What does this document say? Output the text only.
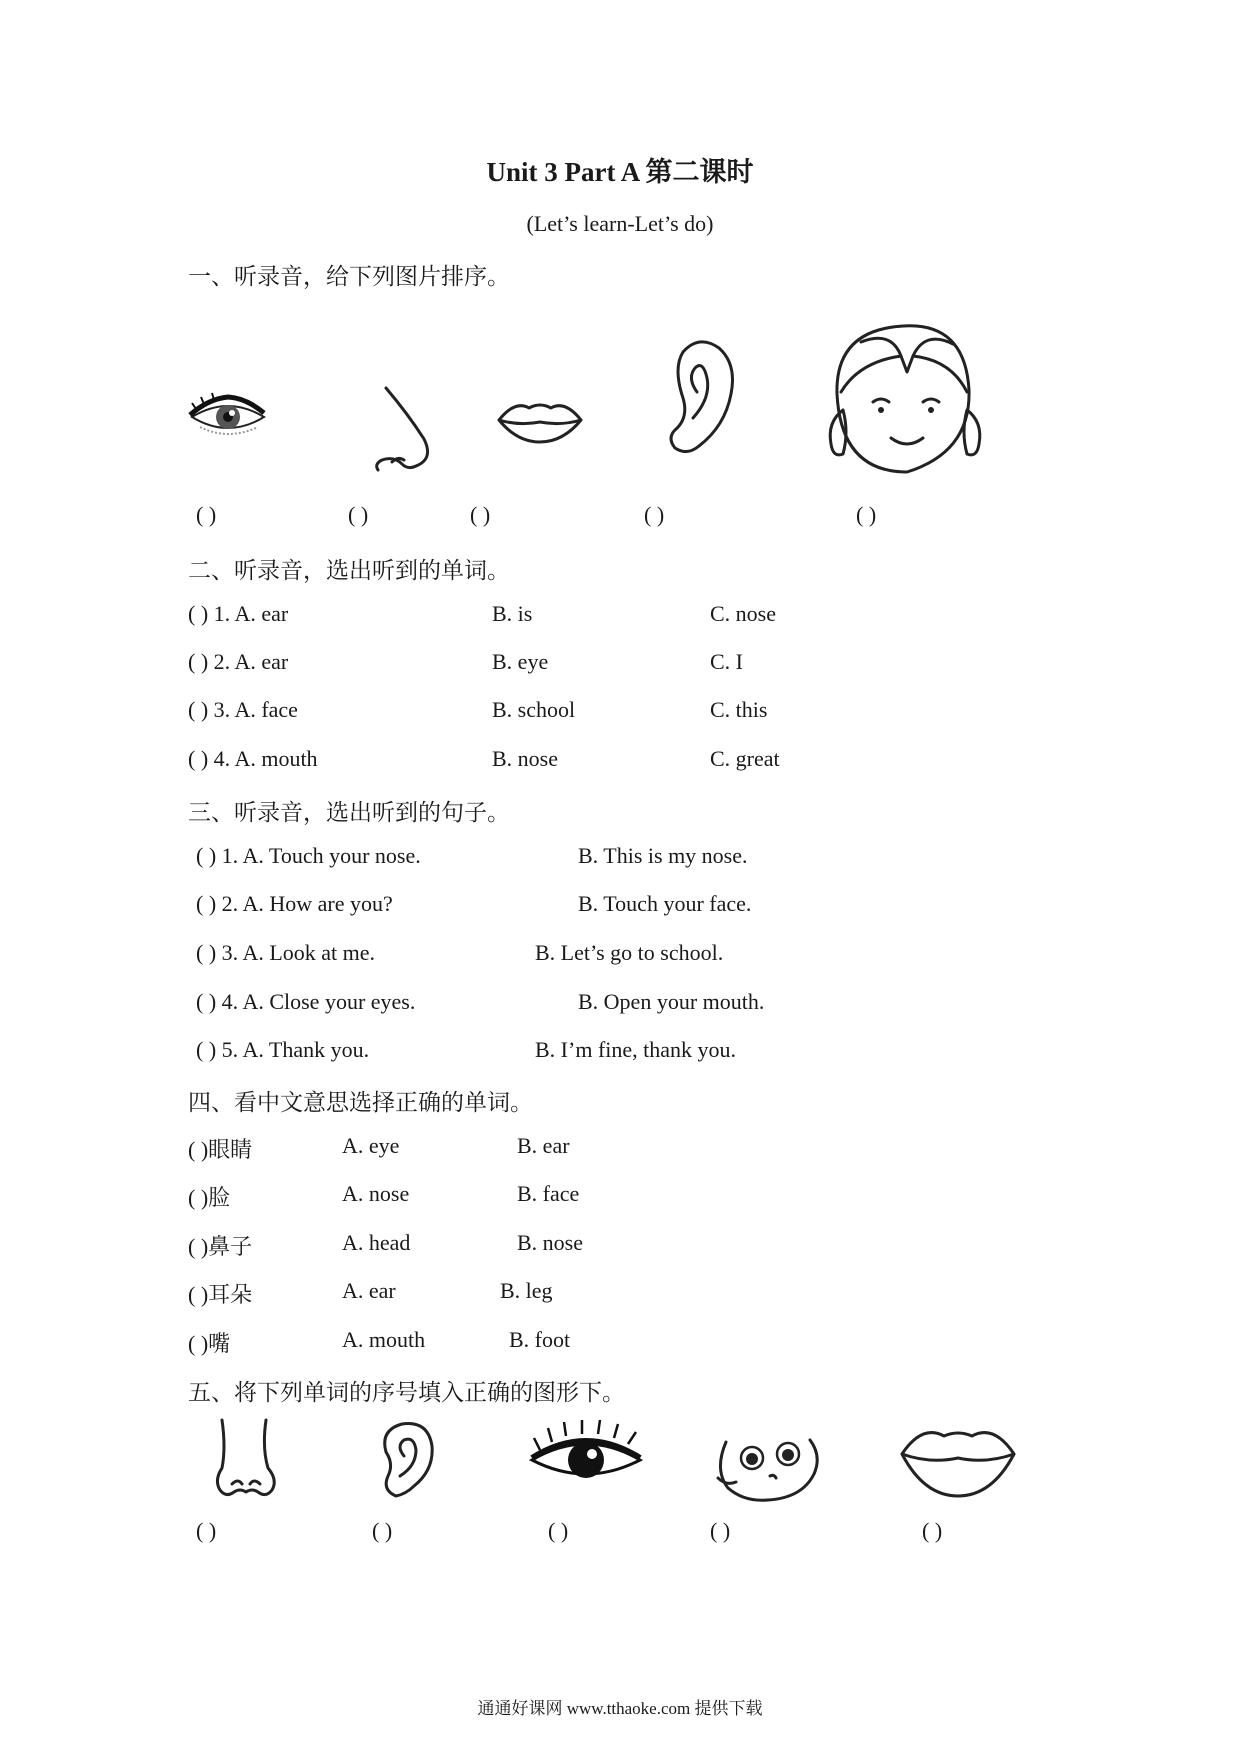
Unit 3 Part A 第二课时
(Let’s learn-Let’s do)
一、听录音，给下列图片排序。
( )	( )	( )	( )	( )
二、听录音，选出听到的单词。
( ) 1. A. ear	B. is	C. nose
( ) 2. A. ear	B. eye	C. I
( ) 3. A. face	B. school	C. this
( ) 4. A. mouth	B. nose	C. great
三、听录音，选出听到的句子。
( ) 1. A. Touch your nose.	B. This is my nose.
( ) 2. A. How are you?	B. Touch your face.
( ) 3. A. Look at me.	B. Let’s go to school.
( ) 4. A. Close your eyes.	B. Open your mouth.
( ) 5. A. Thank you.	B. I’m fine, thank you.
四、看中文意思选择正确的单词。
( )眼睛	A. eye	B. ear
( )脸	A. nose	B. face
( )鼻子	A. head	B. nose
( )耳朵	A. ear	B. leg
( )嘴	A. mouth	B. foot
五、将下列单词的序号填入正确的图形下。
( )	( )	( )	( )	( )
通通好课网 www.tthaoke.com 提供下载
